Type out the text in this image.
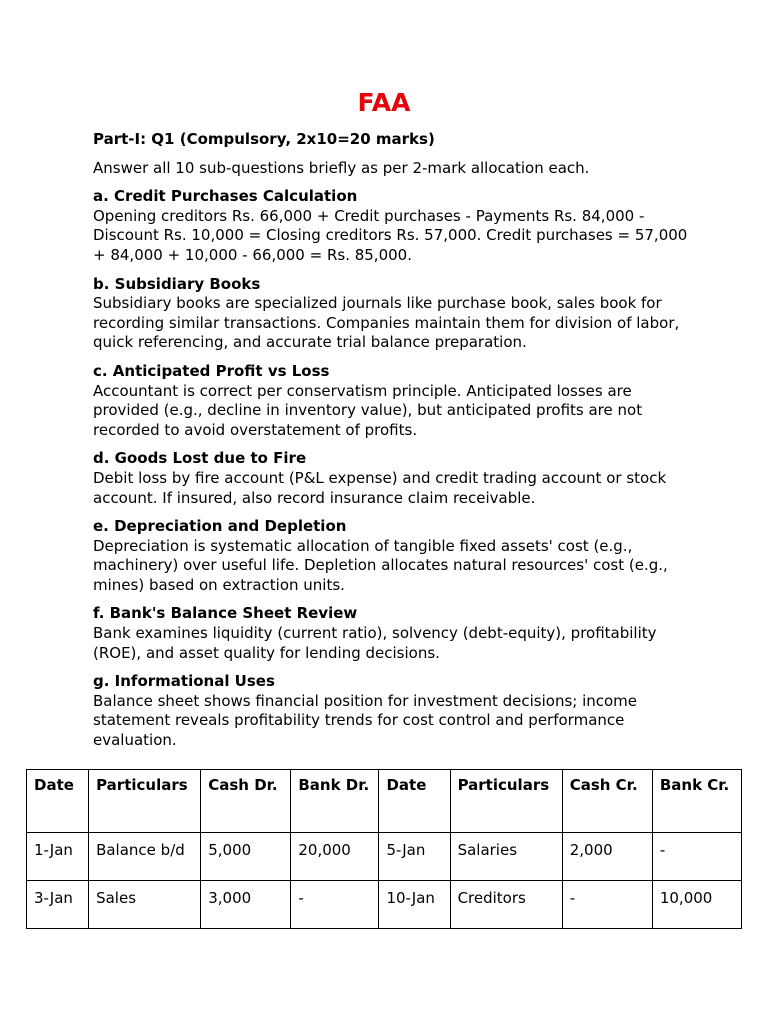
FAA
Part-I: Q1 (Compulsory, 2x10=20 marks)
Answer all 10 sub-questions briefly as per 2-mark allocation each.
a. Credit Purchases Calculation

Opening creditors Rs. 66,000 + Credit purchases - Payments Rs. 84,000 - Discount Rs. 10,000 = Closing creditors Rs. 57,000. Credit purchases = 57,000 + 84,000 + 10,000 - 66,000 = Rs. 85,000.

b. Subsidiary Books

Subsidiary books are specialized journals like purchase book, sales book for recording similar transactions. Companies maintain them for division of labor, quick referencing, and accurate trial balance preparation.

c. Anticipated Profit vs Loss

Accountant is correct per conservatism principle. Anticipated losses are provided (e.g., decline in inventory value), but anticipated profits are not recorded to avoid overstatement of profits.

d. Goods Lost due to Fire

Debit loss by fire account (P&L expense) and credit trading account or stock account. If insured, also record insurance claim receivable.

e. Depreciation and Depletion

Depreciation is systematic allocation of tangible fixed assets' cost (e.g., machinery) over useful life. Depletion allocates natural resources' cost (e.g., mines) based on extraction units.

f. Bank's Balance Sheet Review

Bank examines liquidity (current ratio), solvency (debt-equity), profitability (ROE), and asset quality for lending decisions.

g. Informational Uses

Balance sheet shows financial position for investment decisions; income statement reveals profitability trends for cost control and performance evaluation.

Date	Particulars	Cash Dr.	Bank Dr.	Date	Particulars	Cash Cr.	Bank Cr.
1-Jan	Balance b/d	5,000	20,000	5-Jan	Salaries	2,000	-
3-Jan	Sales	3,000	-	10-Jan	Creditors	-	10,000
